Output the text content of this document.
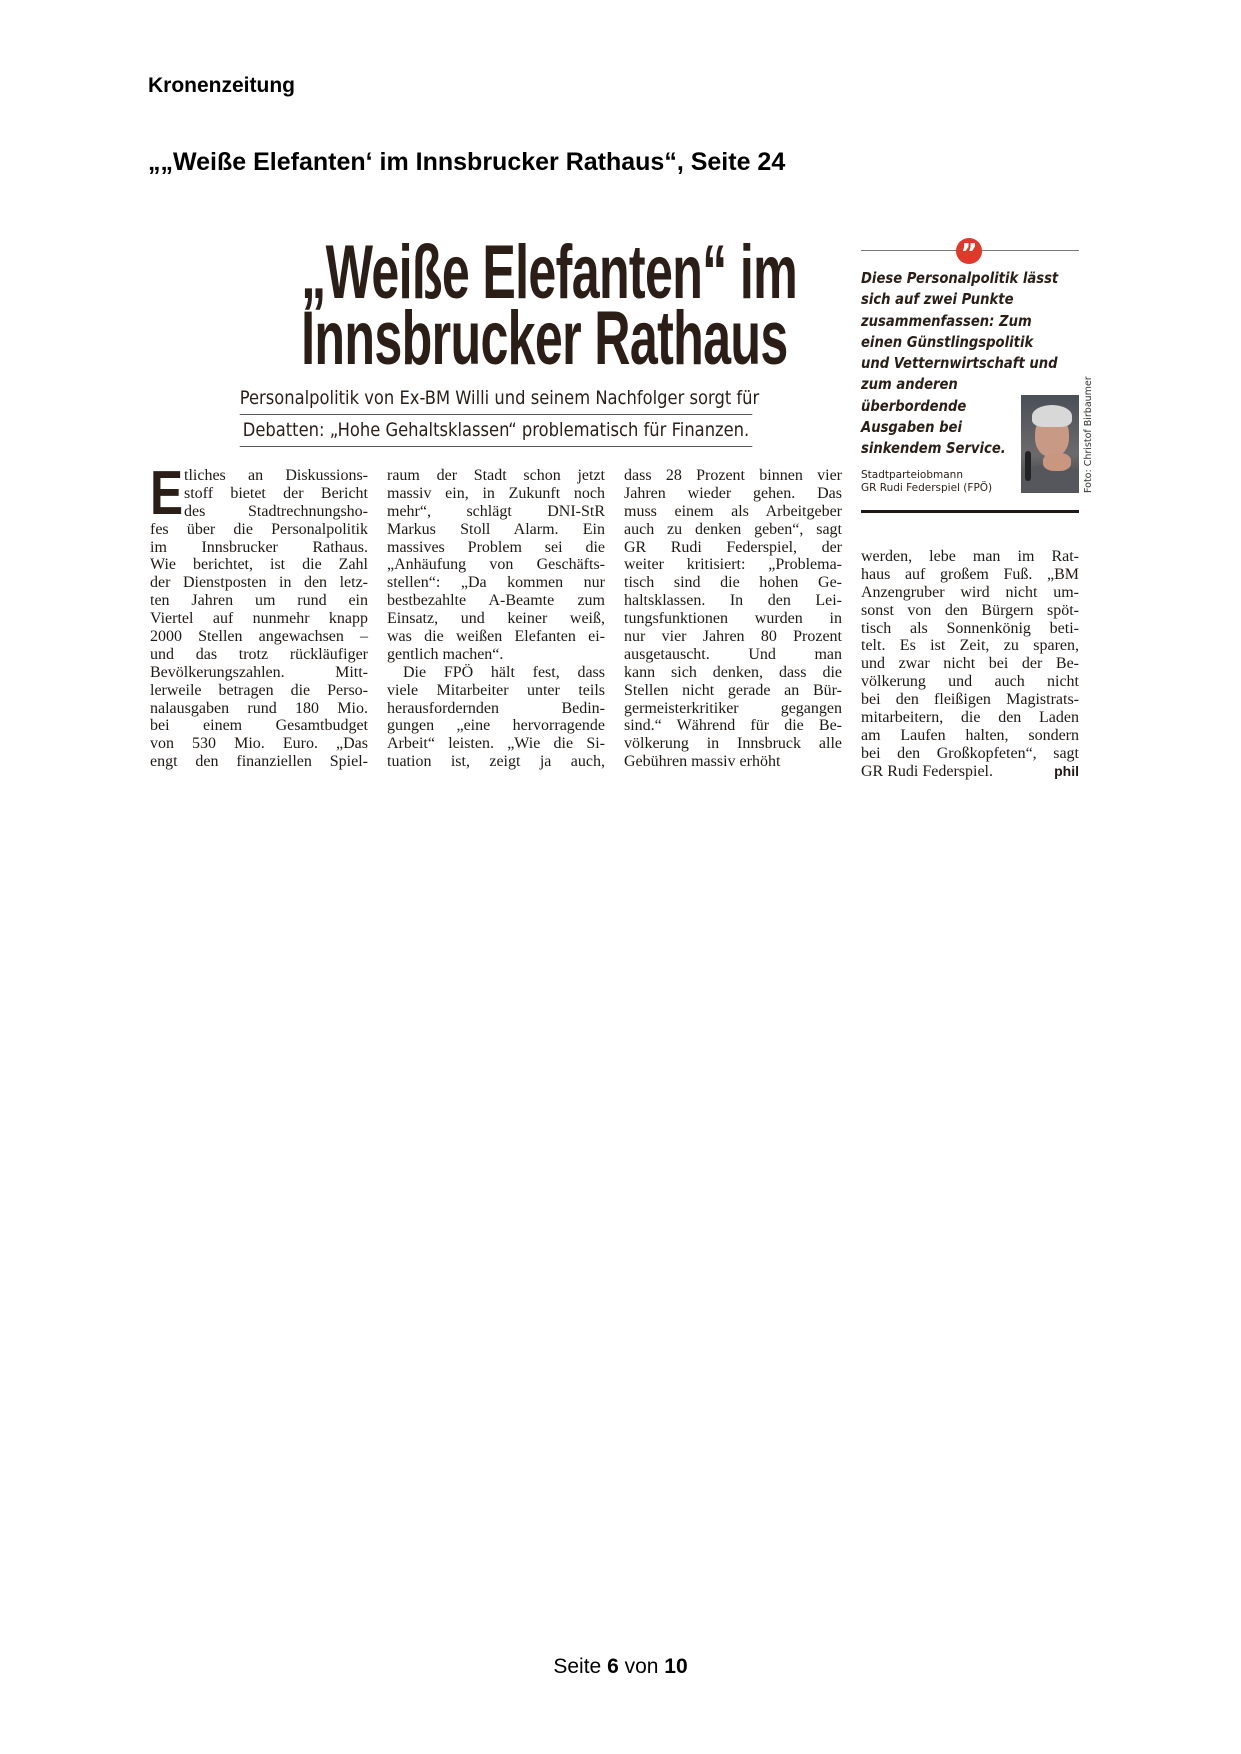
Kronenzeitung
„„Weiße Elefanten‘ im Innsbrucker Rathaus“, Seite 24
„Weiße Elefanten“ im
Innsbrucker Rathaus
Personalpolitik von Ex-BM Willi und seinem Nachfolger sorgt für
Debatten: „Hohe Gehaltsklassen“ problematisch für Finanzen.
E tliches an Diskussions-
stoff bietet der Bericht
des Stadtrechnungsho-
fes über die Personalpolitik
im Innsbrucker Rathaus.
Wie berichtet, ist die Zahl
der Dienstposten in den letz-
ten Jahren um rund ein
Viertel auf nunmehr knapp
2000 Stellen angewachsen –
und das trotz rückläufiger
Bevölkerungszahlen. Mitt-
lerweile betragen die Perso-
nalausgaben rund 180 Mio.
bei einem Gesamtbudget
von 530 Mio. Euro. „Das
engt den finanziellen Spiel-
raum der Stadt schon jetzt
massiv ein, in Zukunft noch
mehr“, schlägt DNI-StR
Markus Stoll Alarm. Ein
massives Problem sei die
„Anhäufung von Geschäfts-
stellen“: „Da kommen nur
bestbezahlte A-Beamte zum
Einsatz, und keiner weiß,
was die weißen Elefanten ei-
gentlich machen“.
Die FPÖ hält fest, dass
viele Mitarbeiter unter teils
herausfordernden Bedin-
gungen „eine hervorragende
Arbeit“ leisten. „Wie die Si-
tuation ist, zeigt ja auch,
dass 28 Prozent binnen vier
Jahren wieder gehen. Das
muss einem als Arbeitgeber
auch zu denken geben“, sagt
GR Rudi Federspiel, der
weiter kritisiert: „Problema-
tisch sind die hohen Ge-
haltsklassen. In den Lei-
tungsfunktionen wurden in
nur vier Jahren 80 Prozent
ausgetauscht. Und man
kann sich denken, dass die
Stellen nicht gerade an Bür-
germeisterkritiker gegangen
sind.“ Während für die Be-
völkerung in Innsbruck alle
Gebühren massiv erhöht
werden, lebe man im Rat-
haus auf großem Fuß. „BM
Anzengruber wird nicht um-
sonst von den Bürgern spöt-
tisch als Sonnenkönig beti-
telt. Es ist Zeit, zu sparen,
und zwar nicht bei der Be-
völkerung und auch nicht
bei den fleißigen Magistrats-
mitarbeitern, die den Laden
am Laufen halten, sondern
bei den Großkopfeten“, sagt
phil
GR Rudi Federspiel.
”
Diese Personalpolitik lässt
sich auf zwei Punkte
zusammenfassen: Zum
einen Günstlingspolitik
und Vetternwirtschaft und
zum anderen
überbordende
Ausgaben bei
sinkendem Service.	Foto: Christof Birbaumer
Stadtparteiobmann
GR Rudi Federspiel (FPÖ)
Seite 6 von 10
